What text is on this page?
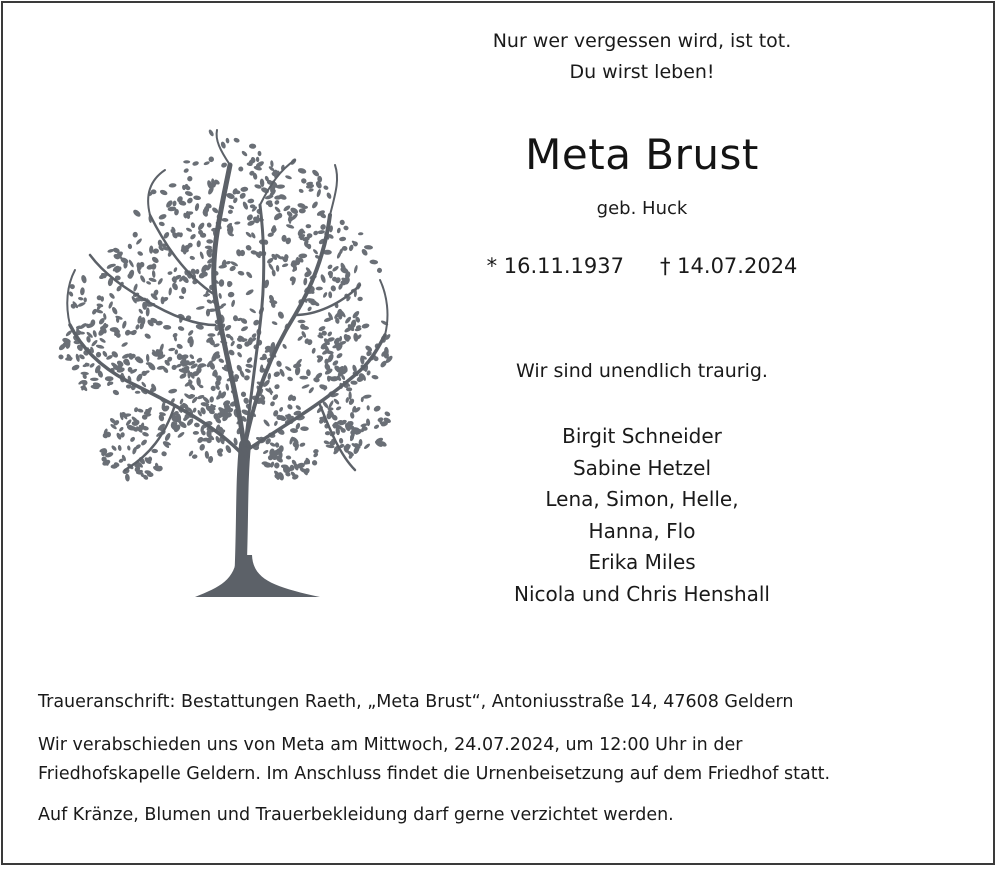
Nur wer vergessen wird, ist tot.
Du wirst leben!
Meta Brust
geb. Huck
* 16.11.1937 † 14.07.2024
Wir sind unendlich traurig.
Birgit Schneider
Sabine Hetzel
Lena, Simon, Helle,
Hanna, Flo
Erika Miles
Nicola und Chris Henshall
Traueranschrift: Bestattungen Raeth, „Meta Brust“, Antoniusstraße 14, 47608 Geldern
Wir verabschieden uns von Meta am Mittwoch, 24.07.2024, um 12:00 Uhr in der
Friedhofskapelle Geldern. Im Anschluss findet die Urnenbeisetzung auf dem Friedhof statt.
Auf Kränze, Blumen und Trauerbekleidung darf gerne verzichtet werden.
